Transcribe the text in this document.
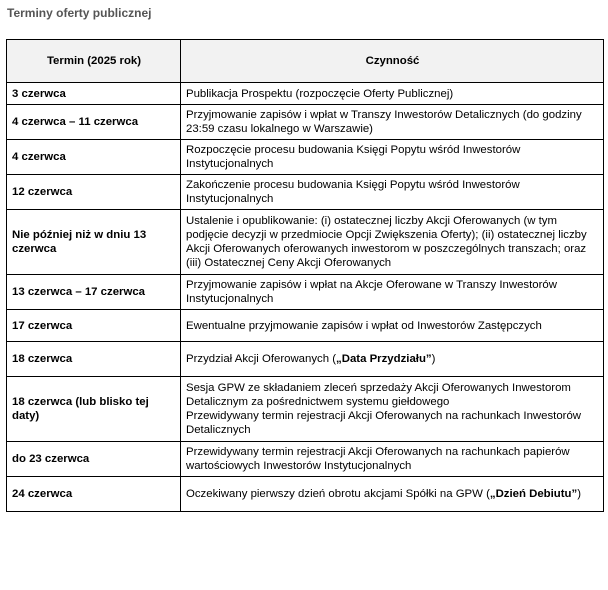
Terminy oferty publicznej
Termin (2025 rok)	Czynność
3 czerwca	Publikacja Prospektu (rozpoczęcie Oferty Publicznej)
4 czerwca – 11 czerwca	Przyjmowanie zapisów i wpłat w Transzy Inwestorów Detalicznych (do godziny 23:59 czasu lokalnego w Warszawie)
4 czerwca	Rozpoczęcie procesu budowania Księgi Popytu wśród Inwestorów Instytucjonalnych
12 czerwca	Zakończenie procesu budowania Księgi Popytu wśród Inwestorów Instytucjonalnych
Nie później niż w dniu 13 czerwca	Ustalenie i opublikowanie: (i) ostatecznej liczby Akcji Oferowanych (w tym podjęcie decyzji w przedmiocie Opcji Zwiększenia Oferty); (ii) ostatecznej liczby Akcji Oferowanych oferowanych inwestorom w poszczególnych transzach; oraz (iii) Ostatecznej Ceny Akcji Oferowanych
13 czerwca – 17 czerwca	Przyjmowanie zapisów i wpłat na Akcje Oferowane w Transzy Inwestorów Instytucjonalnych
17 czerwca	Ewentualne przyjmowanie zapisów i wpłat od Inwestorów Zastępczych
18 czerwca	Przydział Akcji Oferowanych („Data Przydziału”)
18 czerwca (lub blisko tej daty)	Sesja GPW ze składaniem zleceń sprzedaży Akcji Oferowanych Inwestorom Detalicznym za pośrednictwem systemu giełdowego
Przewidywany termin rejestracji Akcji Oferowanych na rachunkach Inwestorów Detalicznych

do 23 czerwca	Przewidywany termin rejestracji Akcji Oferowanych na rachunkach papierów wartościowych Inwestorów Instytucjonalnych
24 czerwca	Oczekiwany pierwszy dzień obrotu akcjami Spółki na GPW („Dzień Debiutu”)
